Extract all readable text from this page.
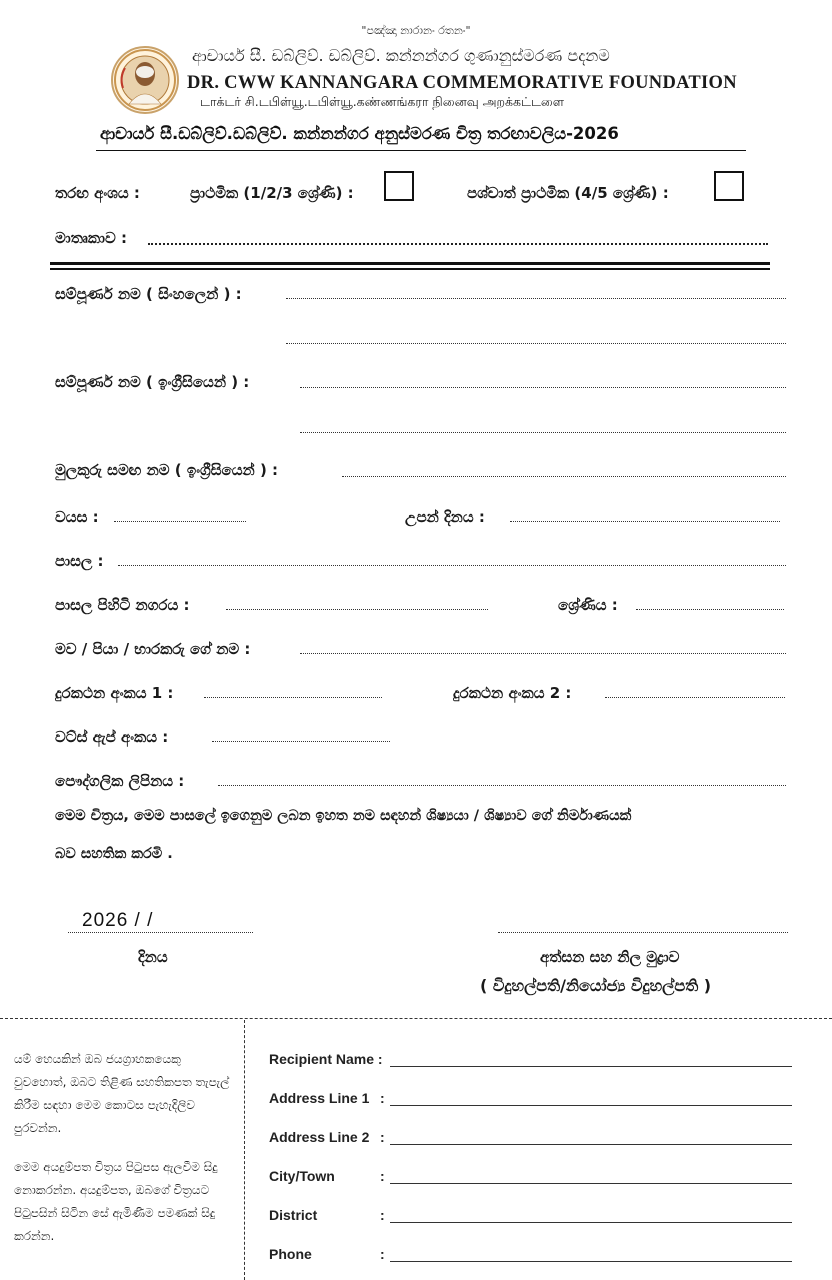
"පඤ්ඤා නාරානං රතනං"
ආචාර්ය සී. ඩබ්ලිව්. ඩබ්ලිව්. කන්නන්ගර ගුණානුස්මරණ පදනම
DR. CWW KANNANGARA COMMEMORATIVE FOUNDATION
டாக்டர் சி.டபிள்யூ.டபிள்யூ.கண்ணங்கரா நினைவு அறக்கட்டளை
ආචාර්ය සී.ඩබ්ලිව්.ඩබ්ලිව්. කන්නන්ගර අනුස්මරණ චිත්‍ර තරඟාවලිය-2026
තරඟ අංශය :	ප්‍රාථමික (1/2/3 ශ්‍රේණි) :	පශ්චාත් ප්‍රාථමික (4/5 ශ්‍රේණි) :
මාතෘකාව :
සම්පූර්ණ නම ( සිංහලෙන් ) :
සම්පූර්ණ නම ( ඉංග්‍රීසියෙන් ) :
මුලකුරු සමඟ නම ( ඉංග්‍රීසියෙන් ) :
වයස :	උපන් දිනය :
පාසල :
පාසල පිහිටි නගරය :	ශ්‍රේණිය :
මව / පියා / භාරකරු ගේ නම :
දුරකථන අංකය 1 :	දුරකථන අංකය 2 :
වට්ස් ඇප් අංකය :
පෞද්ගලික ලිපිනය :
මෙම චිත්‍රය, මෙම පාසලේ ඉගෙනුම ලබන ඉහත නම සඳහන් ශිෂ්‍යයා / ශිෂ්‍යාව ගේ නිර්මාණයක්
බව සහතික කරමි .
2026 / /
දිනය	අත්සන සහ නිල මුද්‍රාව
( විදුහල්පති/නියෝජ්‍ය විදුහල්පති )
යම් හෙයකින් ඔබ ජයග්‍රාහකයෙකු වුවහොත්, ඔබට තිළිණ සහතිකපත තැපැල් කිරීම සඳහා මෙම කොටස පැහැදිලිව පුරවන්න.
මෙම අයදුම්පත චිත්‍රය පිටුපස ඇලවීම සිදු නොකරන්න. අයදුම්පත, ඔබගේ චිත්‍රයට පිටුපසින් සිටින සේ ඇමිණීම පමණක් සිදු කරන්න.
Recipient Name :
Address Line 1 :
Address Line 2 :
City/Town	:
District	:
Phone	:
